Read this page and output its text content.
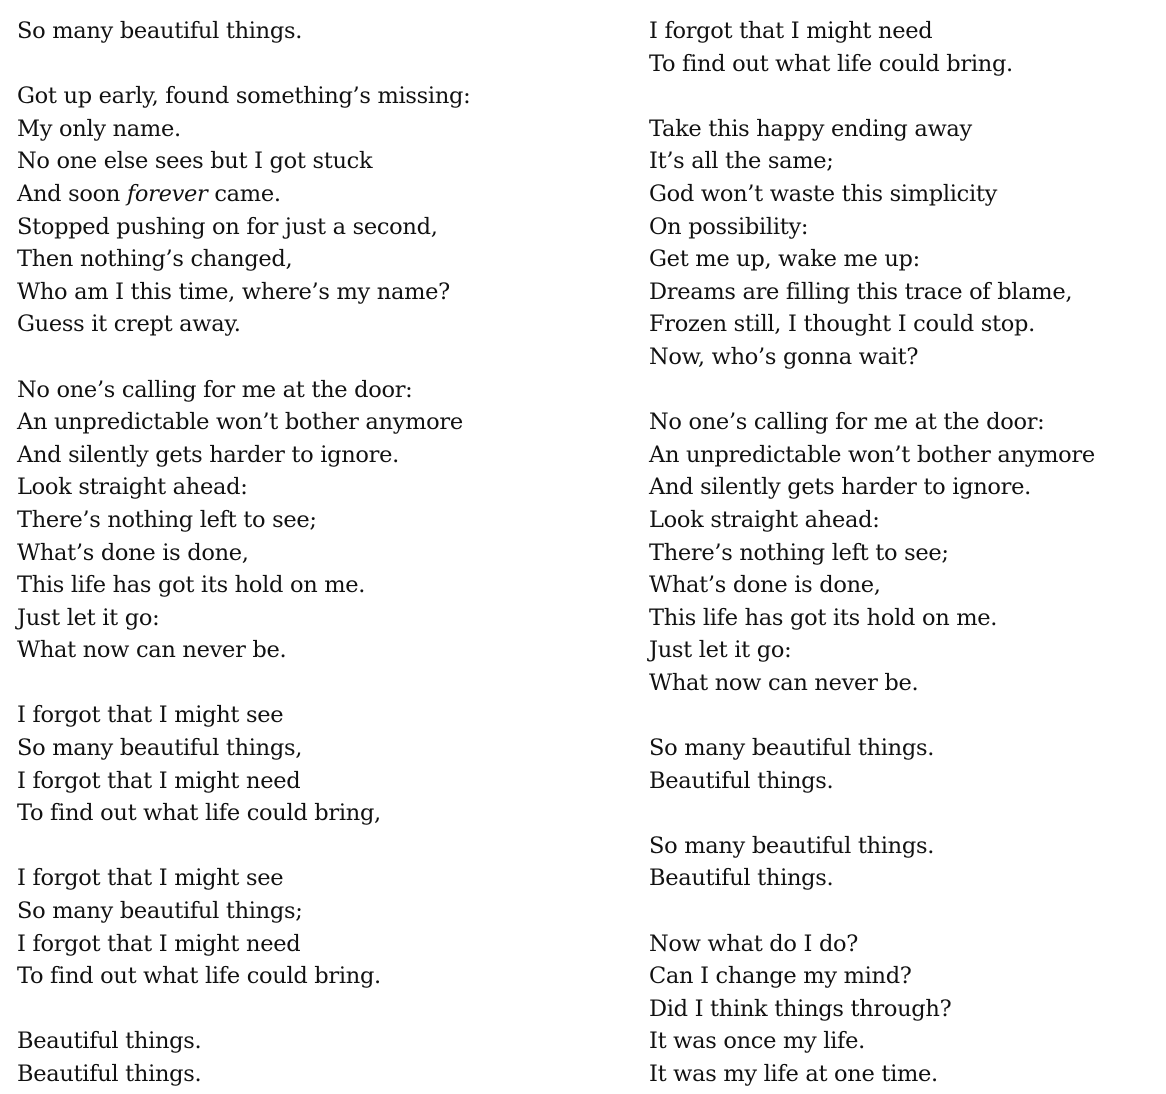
So many beautiful things.
Got up early, found something’s missing:
My only name.
No one else sees but I got stuck
And soon forever came.
Stopped pushing on for just a second,
Then nothing’s changed,
Who am I this time, where’s my name?
Guess it crept away.
No one’s calling for me at the door:
An unpredictable won’t bother anymore
And silently gets harder to ignore.
Look straight ahead:
There’s nothing left to see;
What’s done is done,
This life has got its hold on me.
Just let it go:
What now can never be.
I forgot that I might see
So many beautiful things,
I forgot that I might need
To find out what life could bring,
I forgot that I might see
So many beautiful things;
I forgot that I might need
To find out what life could bring.
Beautiful things.
Beautiful things.
I forgot that I might need
To find out what life could bring.
Take this happy ending away
It’s all the same;
God won’t waste this simplicity
On possibility:
Get me up, wake me up:
Dreams are filling this trace of blame,
Frozen still, I thought I could stop.
Now, who’s gonna wait?
No one’s calling for me at the door:
An unpredictable won’t bother anymore
And silently gets harder to ignore.
Look straight ahead:
There’s nothing left to see;
What’s done is done,
This life has got its hold on me.
Just let it go:
What now can never be.
So many beautiful things.
Beautiful things.
So many beautiful things.
Beautiful things.
Now what do I do?
Can I change my mind?
Did I think things through?
It was once my life.
It was my life at one time.
